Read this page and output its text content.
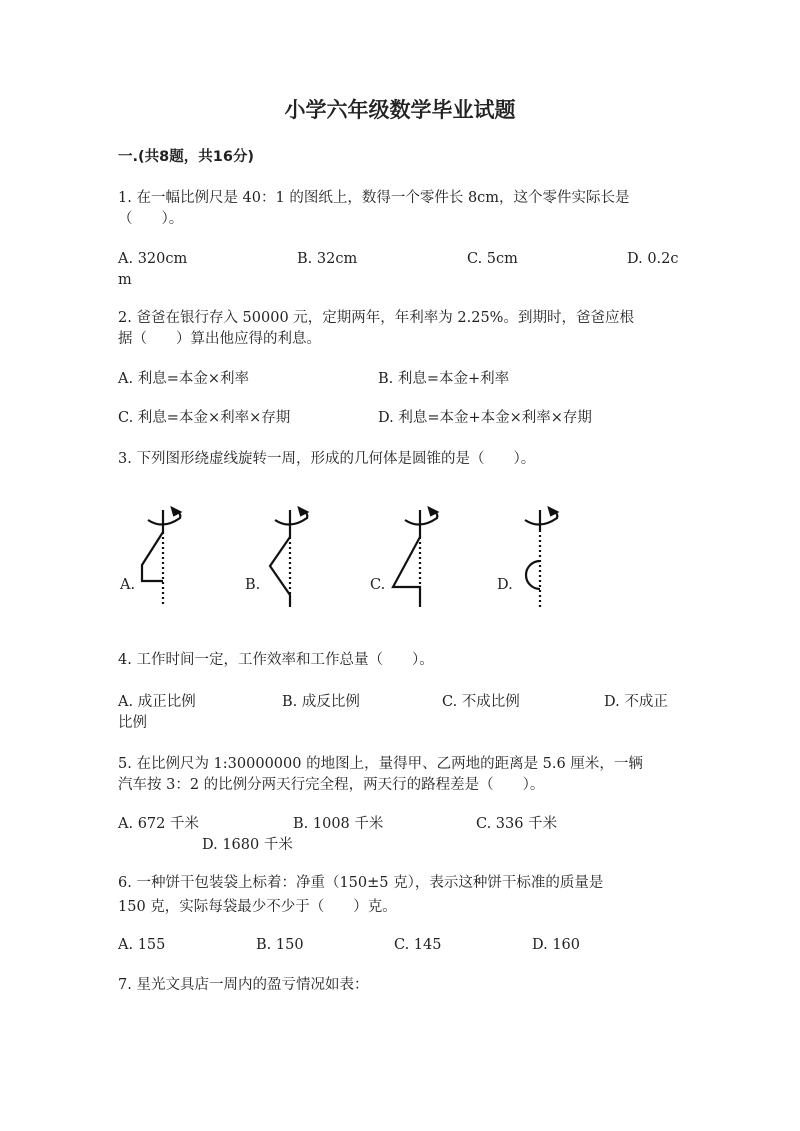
小学六年级数学毕业试题
一.(共8题，共16分)
1. 在一幅比例尺是 40：1 的图纸上，数得一个零件长 8cm，这个零件实际长是
（　　）。
A. 320cm	B. 32cm	C. 5cm	D. 0.2c
m
2. 爸爸在银行存入 50000 元，定期两年，年利率为 2.25%。到期时，爸爸应根
据（　　）算出他应得的利息。
A. 利息=本金×利率	B. 利息=本金+利率
C. 利息=本金×利率×存期	D. 利息=本金+本金×利率×存期
3. 下列图形绕虚线旋转一周，形成的几何体是圆锥的是（　　）。
A.	B.	C.	D.
4. 工作时间一定，工作效率和工作总量（　　）。
A. 成正比例	B. 成反比例	C. 不成比例	D. 不成正
比例
5. 在比例尺为 1:30000000 的地图上，量得甲、乙两地的距离是 5.6 厘米，一辆
汽车按 3：2 的比例分两天行完全程，两天行的路程差是（　　）。
A. 672 千米	B. 1008 千米	C. 336 千米
D. 1680 千米
6. 一种饼干包装袋上标着：净重（150±5 克），表示这种饼干标准的质量是
150 克，实际每袋最少不少于（　　）克。
A. 155	B. 150	C. 145	D. 160
7. 星光文具店一周内的盈亏情况如表：
